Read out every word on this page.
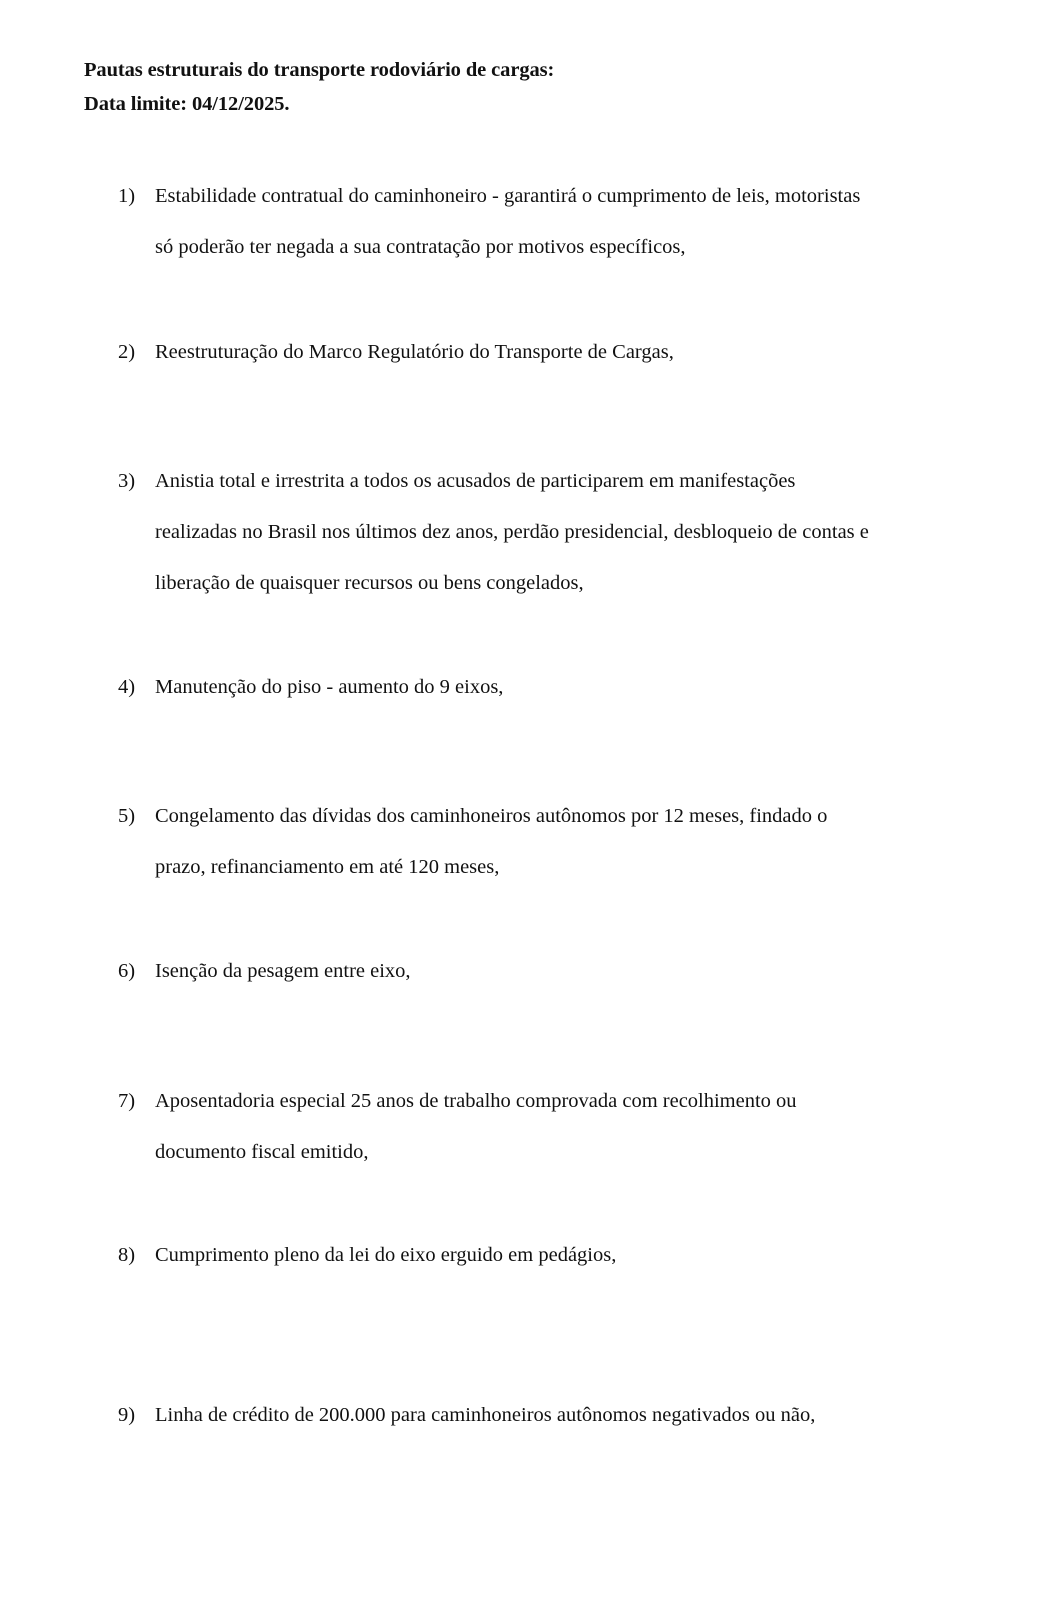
Pautas estruturais do transporte rodoviário de cargas:
Data limite: 04/12/2025.
1) Estabilidade contratual do caminhoneiro - garantirá o cumprimento de leis, motoristas
só poderão ter negada a sua contratação por motivos específicos,
2) Reestruturação do Marco Regulatório do Transporte de Cargas,
3) Anistia total e irrestrita a todos os acusados de participarem em manifestações
realizadas no Brasil nos últimos dez anos, perdão presidencial, desbloqueio de contas e
liberação de quaisquer recursos ou bens congelados,
4) Manutenção do piso - aumento do 9 eixos,
5) Congelamento das dívidas dos caminhoneiros autônomos por 12 meses, findado o
prazo, refinanciamento em até 120 meses,
6) Isenção da pesagem entre eixo,
7) Aposentadoria especial 25 anos de trabalho comprovada com recolhimento ou
documento fiscal emitido,
8) Cumprimento pleno da lei do eixo erguido em pedágios,
9) Linha de crédito de 200.000 para caminhoneiros autônomos negativados ou não,
